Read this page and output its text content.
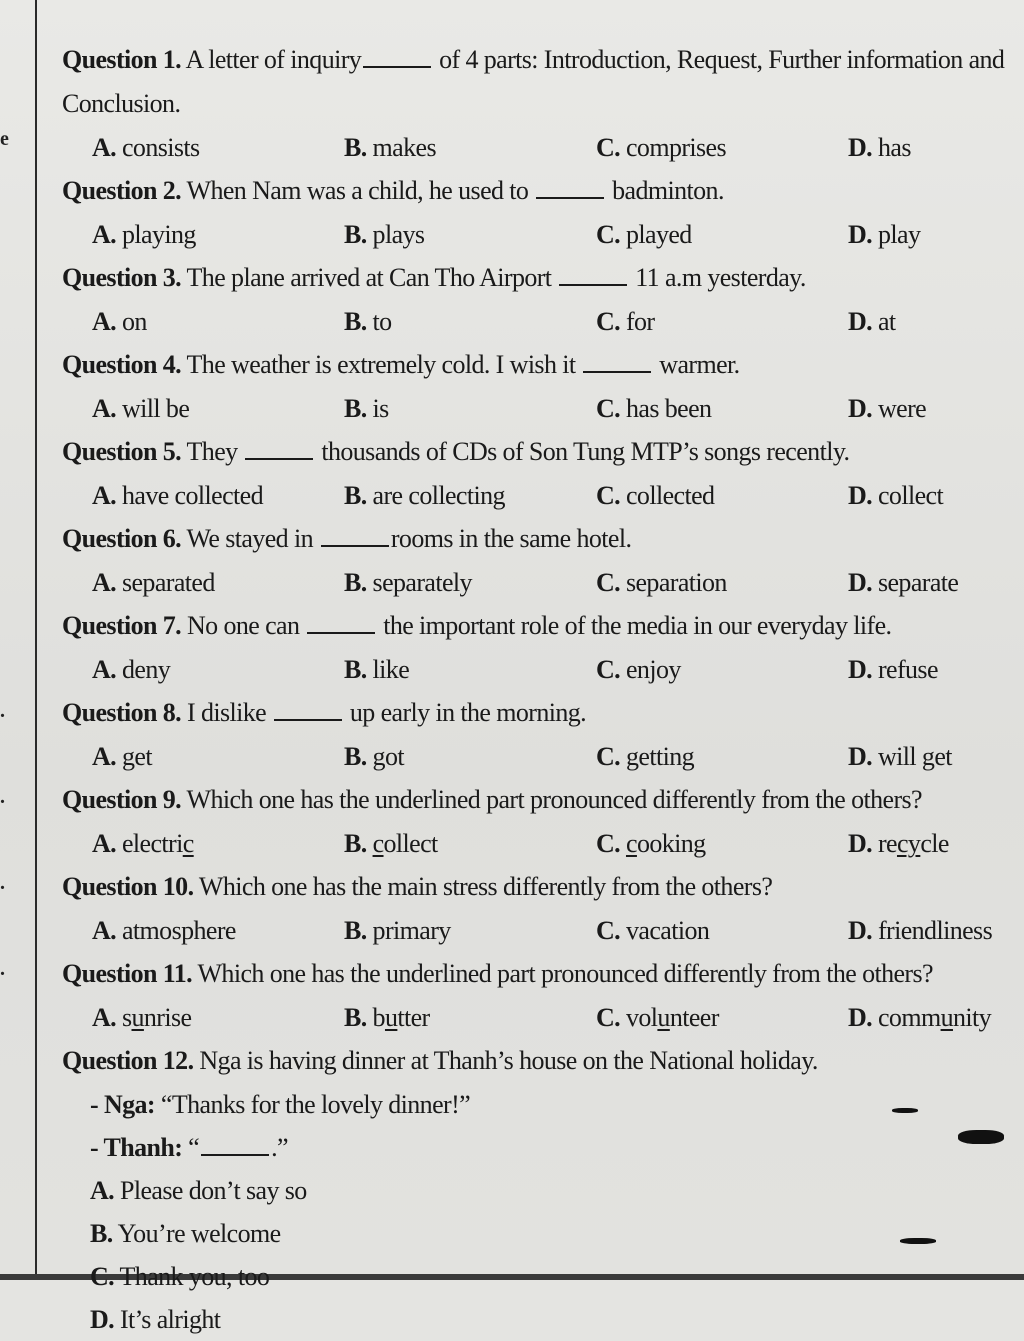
e
.
.
.
.
Question 1. A letter of inquiry	of 4 parts: Introduction, Request, Further information and Conclusion.
A. consists	B. makes	C. comprises	D. has
Question 2. When Nam was a child, he used to	badminton.
A. playing	B. plays	C. played	D. play
Question 3. The plane arrived at Can Tho Airport	11 a.m yesterday.
A. on	B. to	C. for	D. at
Question 4. The weather is extremely cold. I wish it	warmer.
A. will be	B. is	C. has been	D. were
Question 5. They	thousands of CDs of Son Tung MTP’s songs recently.
A. have collected	B. are collecting	C. collected	D. collect
Question 6. We stayed in	rooms in the same hotel.
A. separated	B. separately	C. separation	D. separate
Question 7. No one can	the important role of the media in our everyday life.
A. deny	B. like	C. enjoy	D. refuse
Question 8. I dislike	up early in the morning.
A. get	B. got	C. getting	D. will get
Question 9. Which one has the underlined part pronounced differently from the others?
A. electric	B. collect	C. cooking	D. recycle
Question 10. Which one has the main stress differently from the others?
A. atmosphere	B. primary	C. vacation	D. friendliness
Question 11. Which one has the underlined part pronounced differently from the others?
A. sunrise	B. butter	C. volunteer	D. community
Question 12. Nga is having dinner at Thanh’s house on the National holiday.
- Nga: “Thanks for the lovely dinner!”
- Thanh: “	.”
A. Please don’t say so
B. You’re welcome
C. Thank you, too
D. It’s alright
